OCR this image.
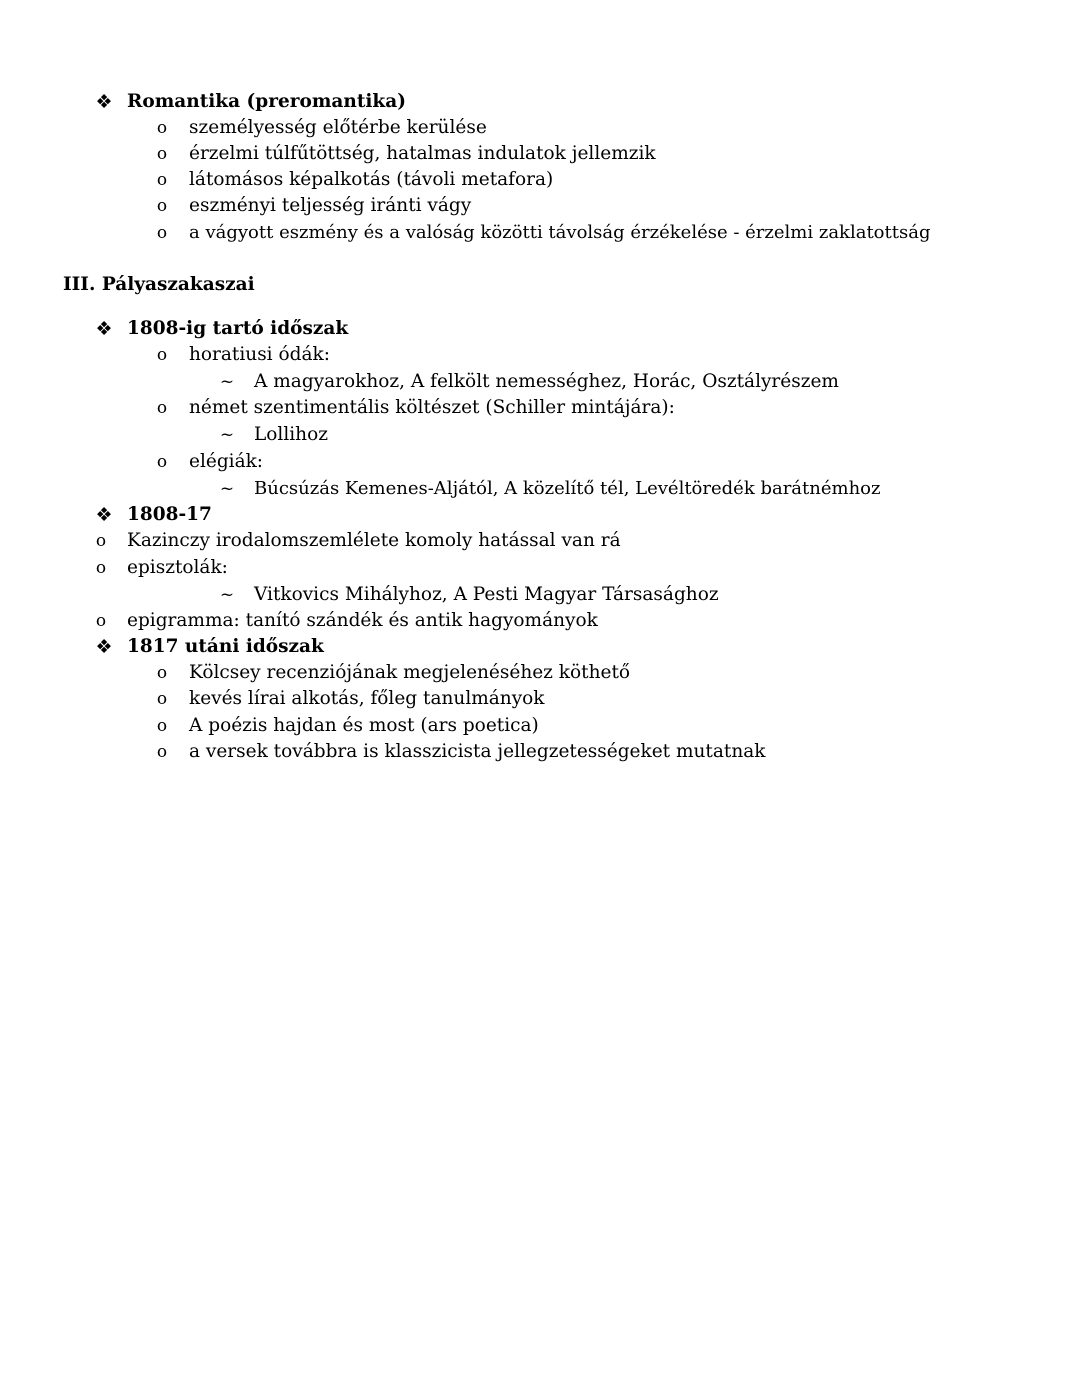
❖ Romantika (preromantika)
o	személyesség előtérbe kerülése
o	érzelmi túlfűtöttség, hatalmas indulatok jellemzik
o	látomásos képalkotás (távoli metafora)
o	eszményi teljesség iránti vágy
o	a vágyott eszmény és a valóság közötti távolság érzékelése - érzelmi zaklatottság
III. Pályaszakaszai
❖ 1808-ig tartó időszak
o	horatiusi ódák:
~ A magyarokhoz, A felkölt nemességhez, Horác, Osztályrészem
o	német szentimentális költészet (Schiller mintájára):
~ Lollihoz
o	elégiák:
~ Búcsúzás Kemenes-Aljától, A közelítő tél, Levéltöredék barátnémhoz
❖ 1808-17
o	Kazinczy irodalomszemlélete komoly hatással van rá
o	episztolák:
~ Vitkovics Mihályhoz, A Pesti Magyar Társasághoz
o	epigramma: tanító szándék és antik hagyományok
❖ 1817 utáni időszak
o	Kölcsey recenziójának megjelenéséhez köthető
o	kevés lírai alkotás, főleg tanulmányok
o	A poézis hajdan és most (ars poetica)
o	a versek továbbra is klasszicista jellegzetességeket mutatnak
